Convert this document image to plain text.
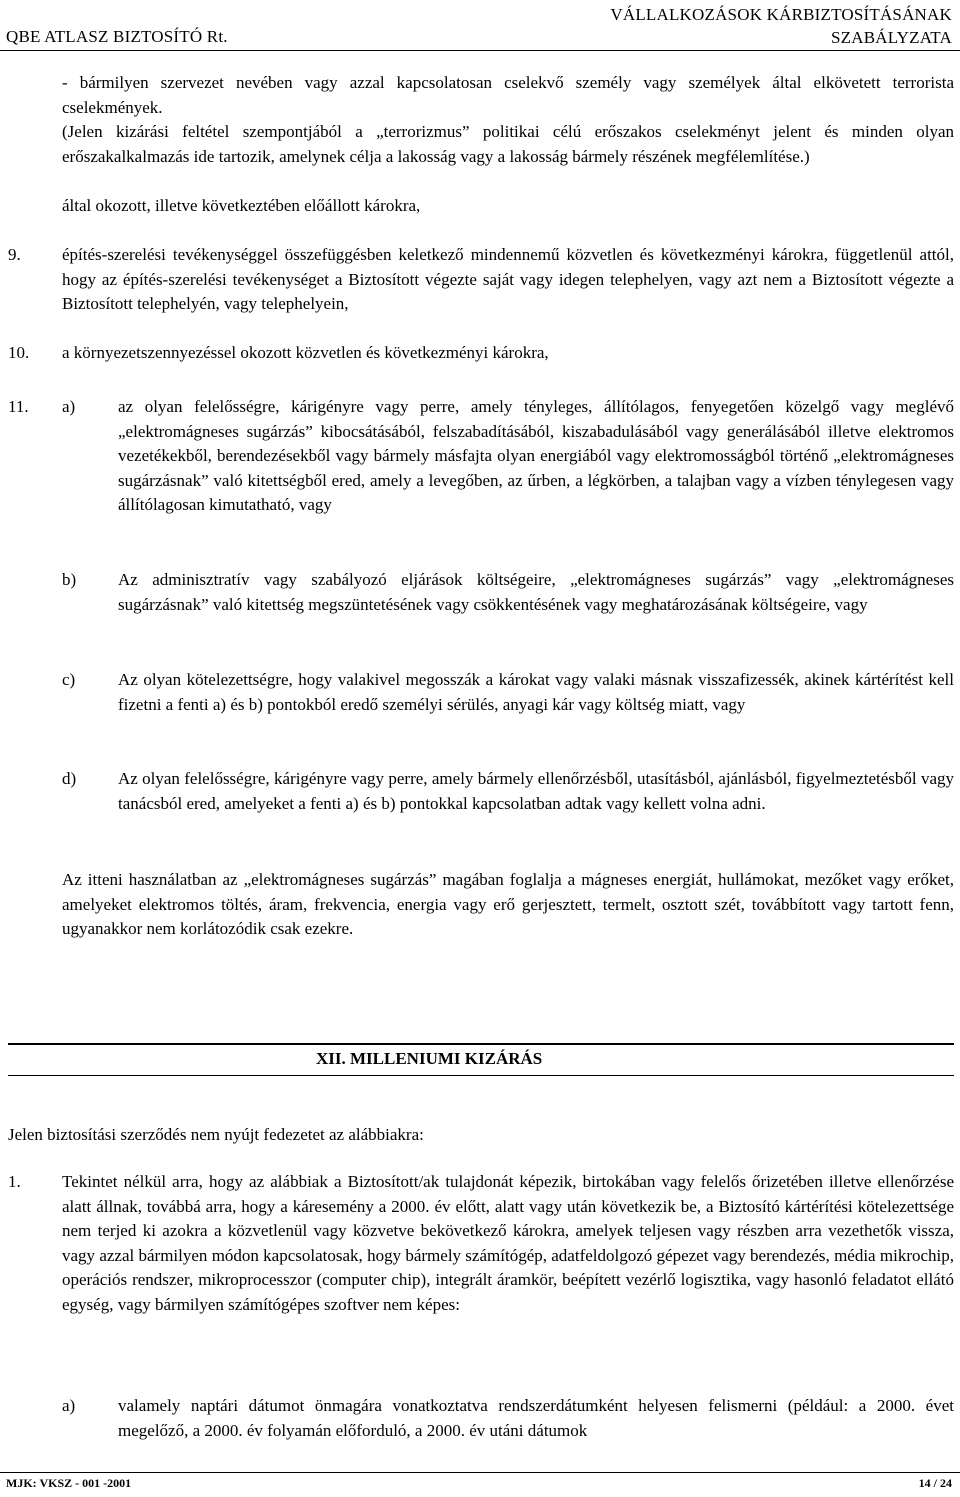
QBE ATLASZ BIZTOSÍTÓ Rt.
VÁLLALKOZÁSOK KÁRBIZTOSÍTÁSÁNAK
SZABÁLYZATA

- bármilyen szervezet nevében vagy azzal kapcsolatosan cselekvő személy vagy személyek által elkövetett terrorista cselekmények.

(Jelen kizárási feltétel szempontjából a „terrorizmus” politikai célú erőszakos cselekményt jelent és minden olyan erőszakalkalmazás ide tartozik, amelynek célja a lakosság vagy a lakosság bármely részének megfélemlítése.)

által okozott, illetve következtében előállott károkra,

9. építés-szerelési tevékenységgel összefüggésben keletkező mindennemű közvetlen és következményi károkra, függetlenül attól, hogy az építés-szerelési tevékenységet a Biztosított végezte saját vagy idegen telephelyen, vagy azt nem a Biztosított végezte a Biztosított telephelyén, vagy telephelyein,
10. a környezetszennyezéssel okozott közvetlen és következményi károkra,
11. a)	az olyan felelősségre, kárigényre vagy perre, amely tényleges, állítólagos, fenyegetően közelgő vagy meglévő „elektromágneses sugárzás” kibocsátásából, felszabadításából, kiszabadulásából vagy generálásából illetve elektromos vezetékekből, berendezésekből vagy bármely másfajta olyan energiából vagy elektromosságból történő „elektromágneses sugárzásnak” való kitettségből ered, amely a levegőben, az űrben, a légkörben, a talajban vagy a vízben ténylegesen vagy állítólagosan kimutatható, vagy
b) Az adminisztratív vagy szabályozó eljárások költségeire, „elektromágneses sugárzás” vagy „elektromágneses sugárzásnak” való kitettség megszüntetésének vagy csökkentésének vagy meghatározásának költségeire, vagy
c)	Az olyan kötelezettségre, hogy valakivel megosszák a károkat vagy valaki másnak visszafizessék, akinek kártérítést kell fizetni a fenti a) és b) pontokból eredő személyi sérülés, anyagi kár vagy költség miatt, vagy
d) Az olyan felelősségre, kárigényre vagy perre, amely bármely ellenőrzésből, utasításból, ajánlásból, figyelmeztetésből vagy tanácsból ered, amelyeket a fenti a) és b) pontokkal kapcsolatban adtak vagy kellett volna adni.
Az itteni használatban az „elektromágneses sugárzás” magában foglalja a mágneses energiát, hullámokat, mezőket vagy erőket, amelyeket elektromos töltés, áram, frekvencia, energia vagy erő gerjesztett, termelt, osztott szét, továbbított vagy tartott fenn, ugyanakkor nem korlátozódik csak ezekre.
XII. MILLENIUMI KIZÁRÁS
Jelen biztosítási szerződés nem nyújt fedezetet az alábbiakra:
1. Tekintet nélkül arra, hogy az alábbiak a Biztosított/ak tulajdonát képezik, birtokában vagy felelős őrizetében illetve ellenőrzése alatt állnak, továbbá arra, hogy a káresemény a 2000. év előtt, alatt vagy után következik be, a Biztosító kártérítési kötelezettsége nem terjed ki azokra a közvetlenül vagy közvetve bekövetkező károkra, amelyek teljesen vagy részben arra vezethetők vissza, vagy azzal bármilyen módon kapcsolatosak, hogy bármely számítógép, adatfeldolgozó gépezet vagy berendezés, média mikrochip, operációs rendszer, mikroprocesszor (computer chip), integrált áramkör, beépített vezérlő logisztika, vagy hasonló feladatot ellátó egység, vagy bármilyen számítógépes szoftver nem képes:
a)	valamely naptári dátumot önmagára vonatkoztatva rendszerdátumként helyesen felismerni (például: a 2000. évet megelőző, a 2000. év folyamán előforduló, a 2000. év utáni dátumok
MJK: VKSZ - 001 -2001	14 / 24
